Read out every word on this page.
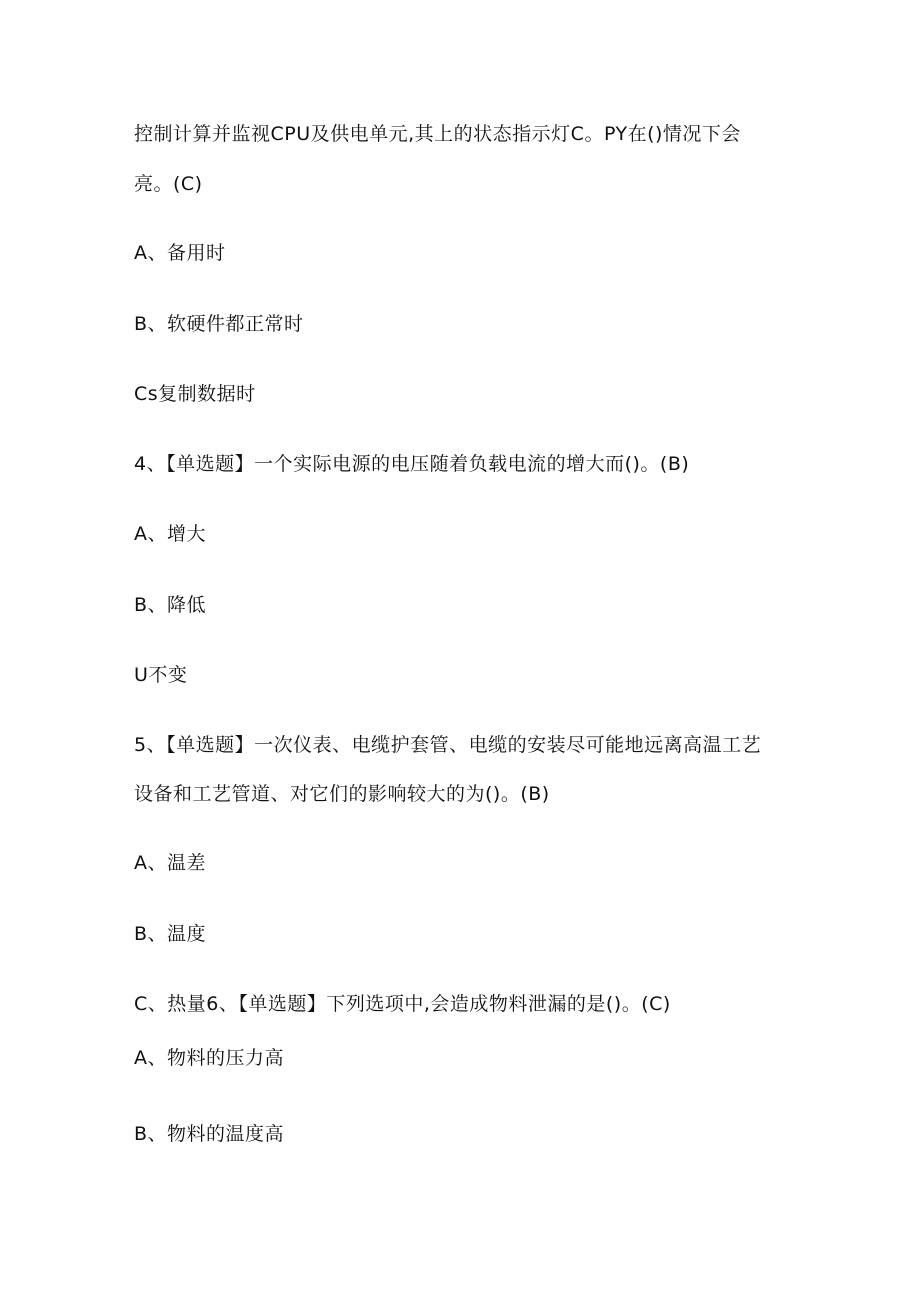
控制计算并监视CPU及供电单元,其上的状态指示灯C。PY在()情况下会
亮。(C)
A、备用时
B、软硬件都正常时
Cs复制数据时
4、【单选题】一个实际电源的电压随着负载电流的增大而()。(B)
A、增大
B、降低
U不变
5、【单选题】一次仪表、电缆护套管、电缆的安装尽可能地远离高温工艺
设备和工艺管道、对它们的影响较大的为()。(B)
A、温差
B、温度
C、热量6、【单选题】下列选项中,会造成物料泄漏的是()。(C)
A、物料的压力高
B、物料的温度高
